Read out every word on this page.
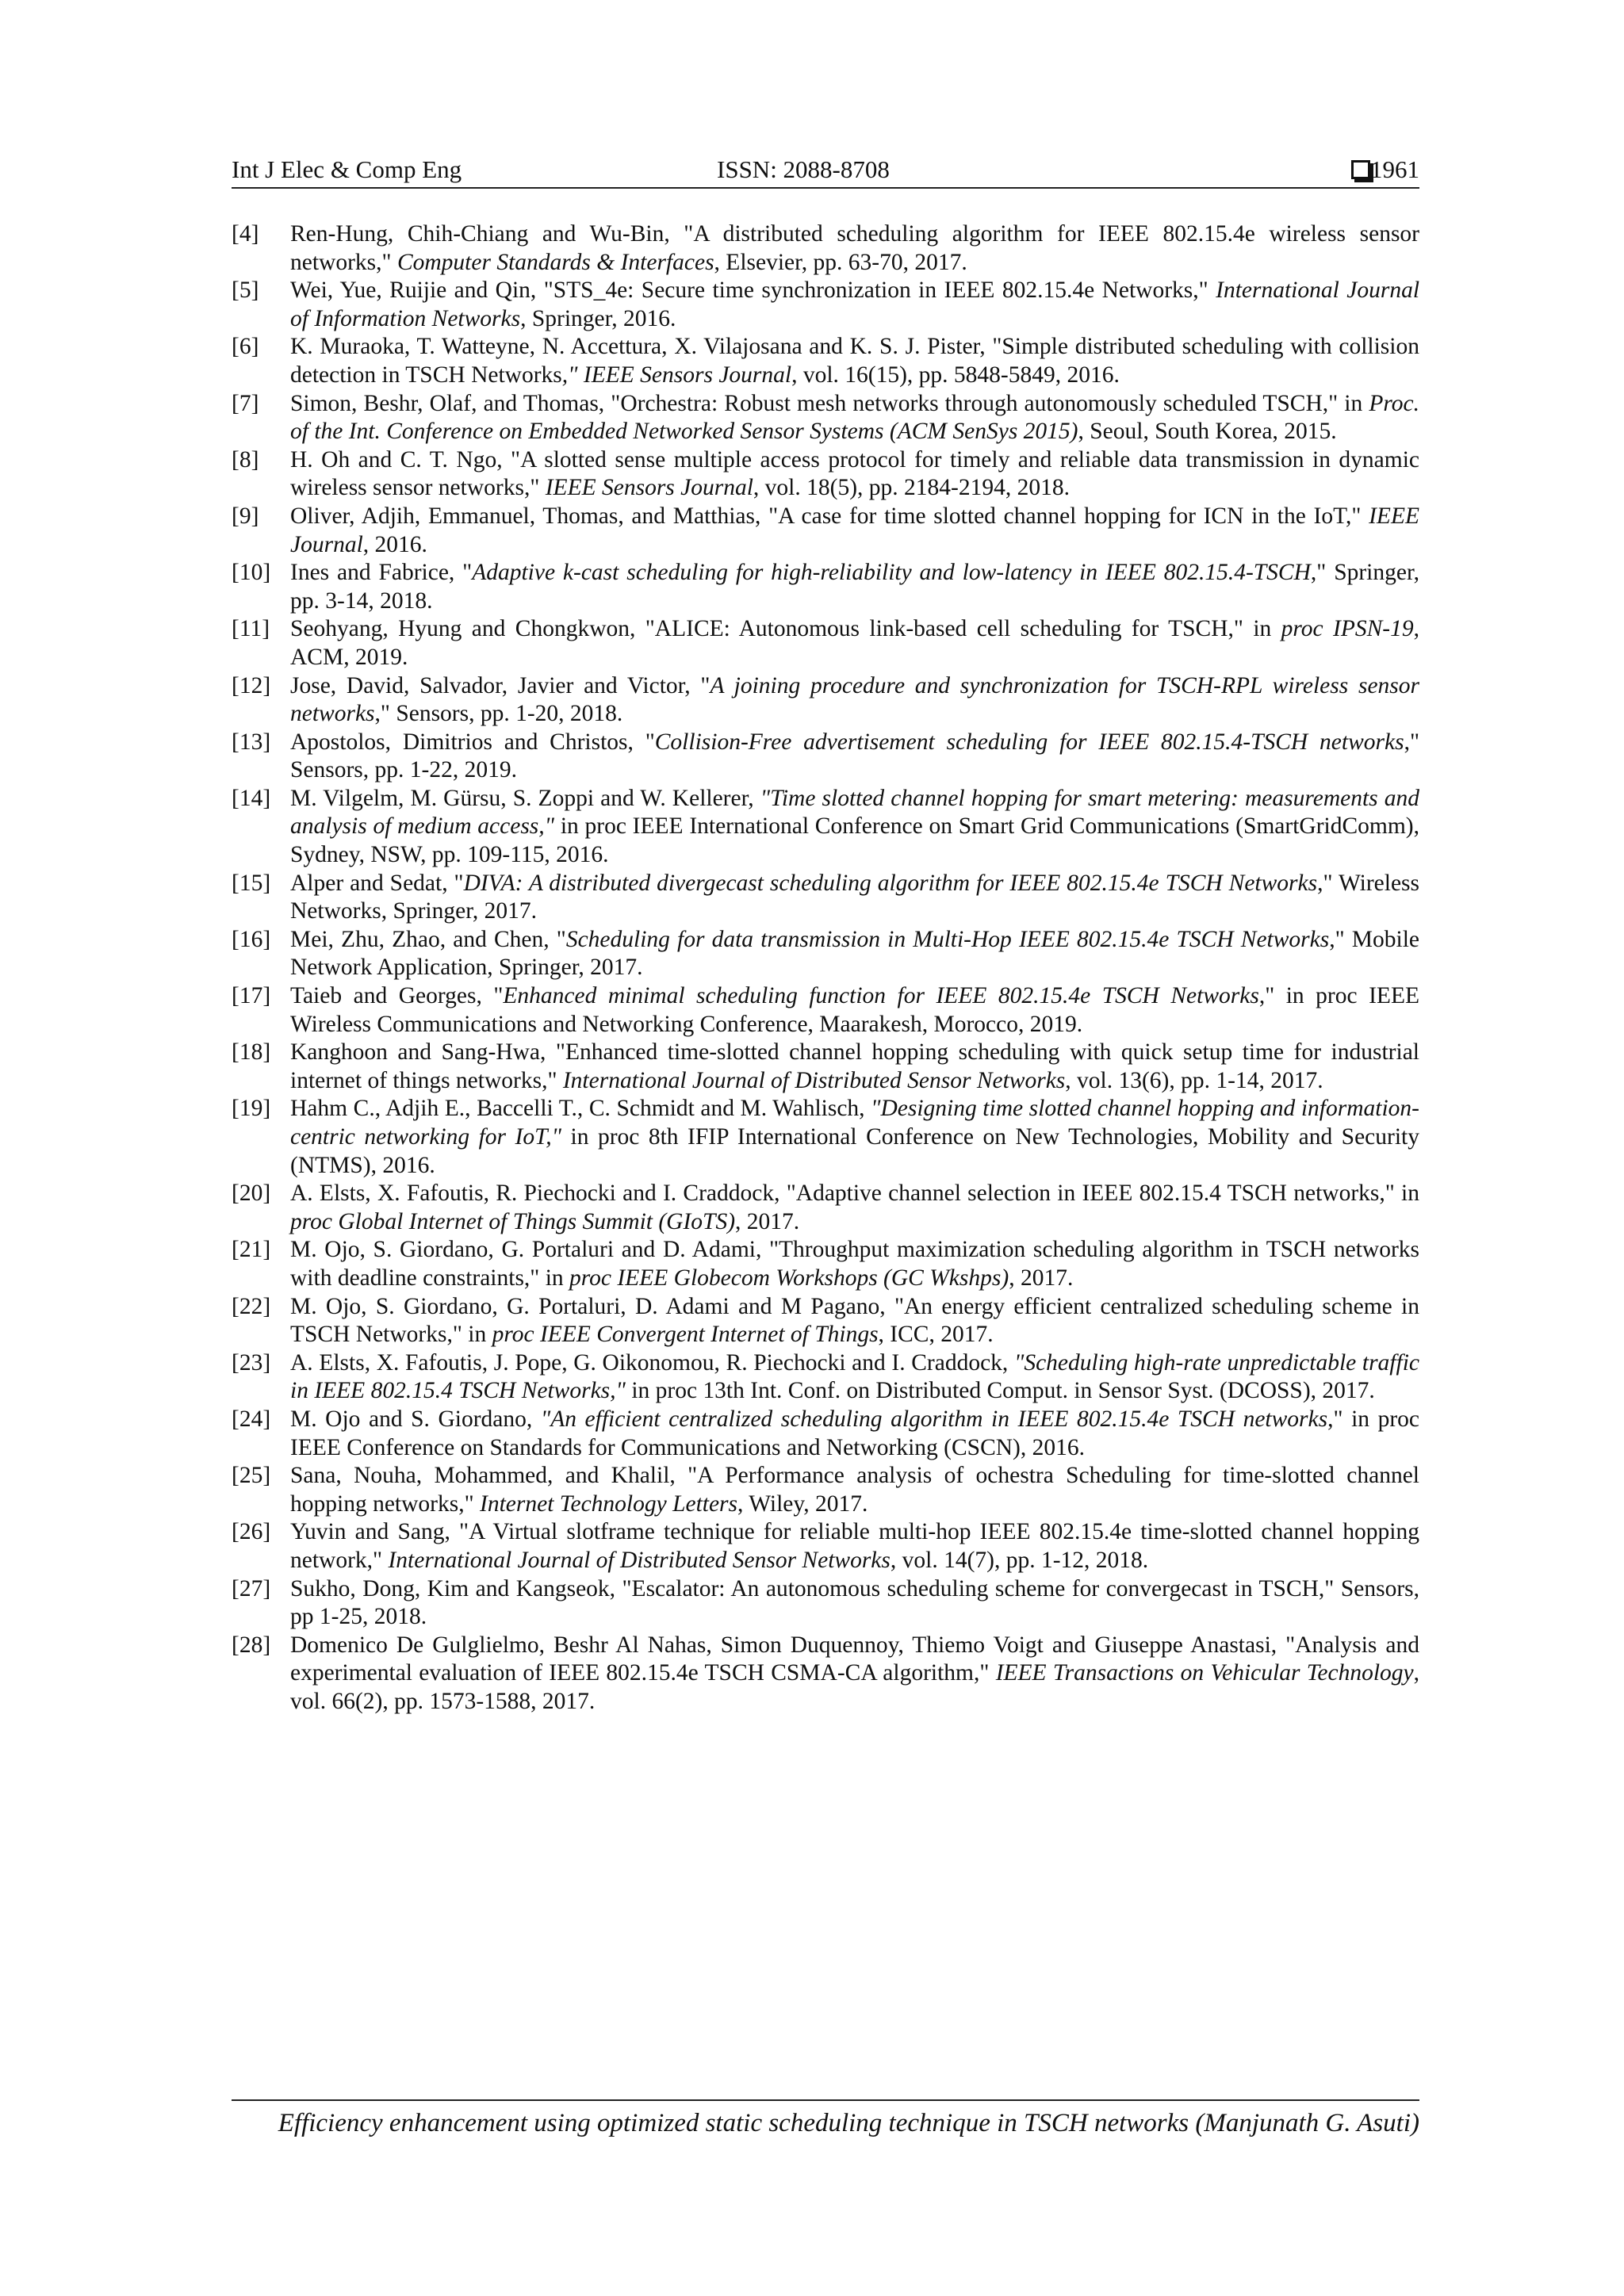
Int J Elec & Comp Eng	ISSN: 2088-8708	1961
[4]	Ren-Hung, Chih-Chiang and Wu-Bin, "A distributed scheduling algorithm for IEEE 802.15.4e wireless sensor networks," Computer Standards & Interfaces, Elsevier, pp. 63-70, 2017.
[5]	Wei, Yue, Ruijie and Qin, "STS_4e: Secure time synchronization in IEEE 802.15.4e Networks," International Journal of Information Networks, Springer, 2016.
[6]	K. Muraoka, T. Watteyne, N. Accettura, X. Vilajosana and K. S. J. Pister, "Simple distributed scheduling with collision detection in TSCH Networks," IEEE Sensors Journal, vol. 16(15), pp. 5848-5849, 2016.
[7]	Simon, Beshr, Olaf, and Thomas, "Orchestra: Robust mesh networks through autonomously scheduled TSCH," in Proc. of the Int. Conference on Embedded Networked Sensor Systems (ACM SenSys 2015), Seoul, South Korea, 2015.
[8]	H. Oh and C. T. Ngo, "A slotted sense multiple access protocol for timely and reliable data transmission in dynamic wireless sensor networks," IEEE Sensors Journal, vol. 18(5), pp. 2184-2194, 2018.
[9]	Oliver, Adjih, Emmanuel, Thomas, and Matthias, "A case for time slotted channel hopping for ICN in the IoT," IEEE Journal, 2016.
[10] Ines and Fabrice, "Adaptive k-cast scheduling for high-reliability and low-latency in IEEE 802.15.4-TSCH," Springer, pp. 3-14, 2018.
[11] Seohyang, Hyung and Chongkwon, "ALICE: Autonomous link-based cell scheduling for TSCH," in proc IPSN-19, ACM, 2019.
[12] Jose, David, Salvador, Javier and Victor, "A joining procedure and synchronization for TSCH-RPL wireless sensor networks," Sensors, pp. 1-20, 2018.
[13] Apostolos, Dimitrios and Christos, "Collision-Free advertisement scheduling for IEEE 802.15.4-TSCH networks," Sensors, pp. 1-22, 2019.
[14] M. Vilgelm, M. Gürsu, S. Zoppi and W. Kellerer, "Time slotted channel hopping for smart metering: measurements and analysis of medium access," in proc IEEE International Conference on Smart Grid Communications (SmartGridComm), Sydney, NSW, pp. 109-115, 2016.
[15] Alper and Sedat, "DIVA: A distributed divergecast scheduling algorithm for IEEE 802.15.4e TSCH Networks," Wireless Networks, Springer, 2017.
[16] Mei, Zhu, Zhao, and Chen, "Scheduling for data transmission in Multi-Hop IEEE 802.15.4e TSCH Networks," Mobile Network Application, Springer, 2017.
[17] Taieb and Georges, "Enhanced minimal scheduling function for IEEE 802.15.4e TSCH Networks," in proc IEEE Wireless Communications and Networking Conference, Maarakesh, Morocco, 2019.
[18] Kanghoon and Sang-Hwa, "Enhanced time-slotted channel hopping scheduling with quick setup time for industrial internet of things networks," International Journal of Distributed Sensor Networks, vol. 13(6), pp. 1-14, 2017.
[19] Hahm C., Adjih E., Baccelli T., C. Schmidt and M. Wahlisch, "Designing time slotted channel hopping and information-centric networking for IoT," in proc 8th IFIP International Conference on New Technologies, Mobility and Security (NTMS), 2016.
[20] A. Elsts, X. Fafoutis, R. Piechocki and I. Craddock, "Adaptive channel selection in IEEE 802.15.4 TSCH networks," in proc Global Internet of Things Summit (GIoTS), 2017.
[21] M. Ojo, S. Giordano, G. Portaluri and D. Adami, "Throughput maximization scheduling algorithm in TSCH networks with deadline constraints," in proc IEEE Globecom Workshops (GC Wkshps), 2017.
[22] M. Ojo, S. Giordano, G. Portaluri, D. Adami and M Pagano, "An energy efficient centralized scheduling scheme in TSCH Networks," in proc IEEE Convergent Internet of Things, ICC, 2017.
[23] A. Elsts, X. Fafoutis, J. Pope, G. Oikonomou, R. Piechocki and I. Craddock, "Scheduling high-rate unpredictable traffic in IEEE 802.15.4 TSCH Networks," in proc 13th Int. Conf. on Distributed Comput. in Sensor Syst. (DCOSS), 2017.
[24] M. Ojo and S. Giordano, "An efficient centralized scheduling algorithm in IEEE 802.15.4e TSCH networks," in proc IEEE Conference on Standards for Communications and Networking (CSCN), 2016.
[25] Sana, Nouha, Mohammed, and Khalil, "A Performance analysis of ochestra Scheduling for time-slotted channel hopping networks," Internet Technology Letters, Wiley, 2017.
[26] Yuvin and Sang, "A Virtual slotframe technique for reliable multi-hop IEEE 802.15.4e time-slotted channel hopping network," International Journal of Distributed Sensor Networks, vol. 14(7), pp. 1-12, 2018.
[27] Sukho, Dong, Kim and Kangseok, "Escalator: An autonomous scheduling scheme for convergecast in TSCH," Sensors, pp 1-25, 2018.
[28] Domenico De Gulglielmo, Beshr Al Nahas, Simon Duquennoy, Thiemo Voigt and Giuseppe Anastasi, "Analysis and experimental evaluation of IEEE 802.15.4e TSCH CSMA-CA algorithm," IEEE Transactions on Vehicular Technology, vol. 66(2), pp. 1573-1588, 2017.
Efficiency enhancement using optimized static scheduling technique in TSCH networks (Manjunath G. Asuti)
